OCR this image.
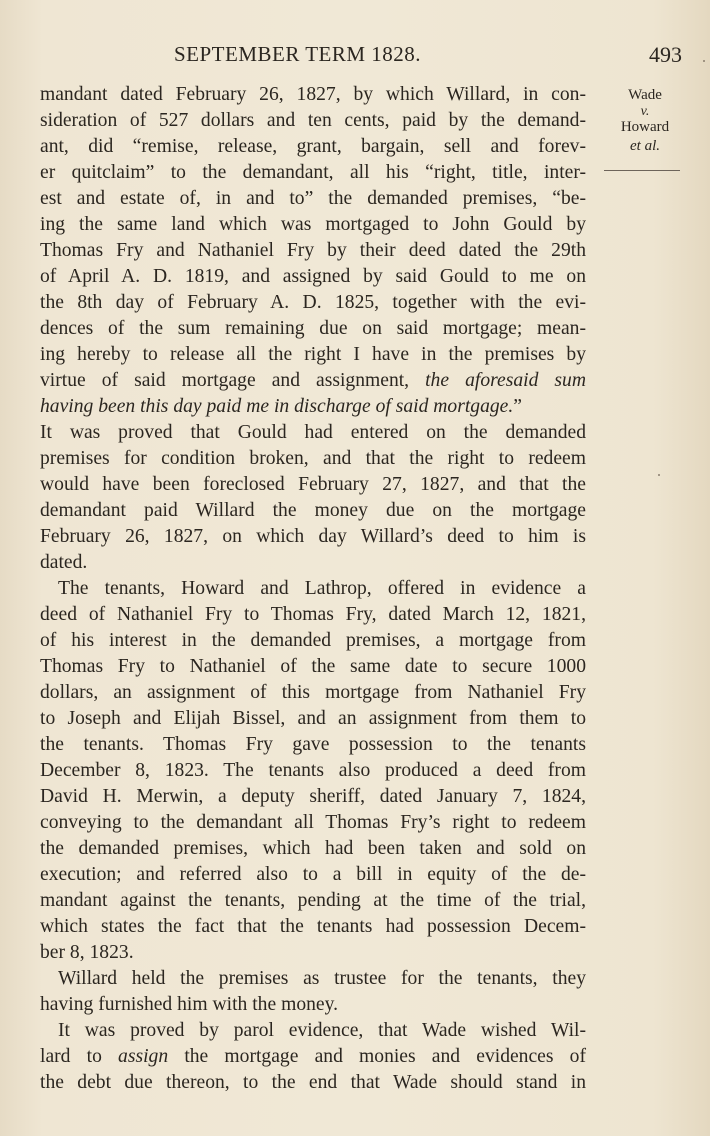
SEPTEMBER TERM 1828.	493
Wade
v.
Howard
et al.
mandant dated February 26, 1827, by which Willard, in con-
sideration of 527 dollars and ten cents, paid by the demand-
ant, did “remise, release, grant, bargain, sell and forev-
er quitclaim” to the demandant, all his “right, title, inter-
est and estate of, in and to” the demanded premises, “be-
ing the same land which was mortgaged to John Gould by
Thomas Fry and Nathaniel Fry by their deed dated the 29th
of April A. D. 1819, and assigned by said Gould to me on
the 8th day of February A. D. 1825, together with the evi-
dences of the sum remaining due on said mortgage; mean-
ing hereby to release all the right I have in the premises by
virtue of said mortgage and assignment, the aforesaid sum
having been this day paid me in discharge of said mortgage.”
It was proved that Gould had entered on the demanded
premises for condition broken, and that the right to redeem
would have been foreclosed February 27, 1827, and that the
demandant paid Willard the money due on the mortgage
February 26, 1827, on which day Willard’s deed to him is
dated.
The tenants, Howard and Lathrop, offered in evidence a
deed of Nathaniel Fry to Thomas Fry, dated March 12, 1821,
of his interest in the demanded premises, a mortgage from
Thomas Fry to Nathaniel of the same date to secure 1000
dollars, an assignment of this mortgage from Nathaniel Fry
to Joseph and Elijah Bissel, and an assignment from them to
the tenants. Thomas Fry gave possession to the tenants
December 8, 1823. The tenants also produced a deed from
David H. Merwin, a deputy sheriff, dated January 7, 1824,
conveying to the demandant all Thomas Fry’s right to redeem
the demanded premises, which had been taken and sold on
execution; and referred also to a bill in equity of the de-
mandant against the tenants, pending at the time of the trial,
which states the fact that the tenants had possession Decem-
ber 8, 1823.
Willard held the premises as trustee for the tenants, they
having furnished him with the money.
It was proved by parol evidence, that Wade wished Wil-
lard to assign the mortgage and monies and evidences of
the debt due thereon, to the end that Wade should stand in
